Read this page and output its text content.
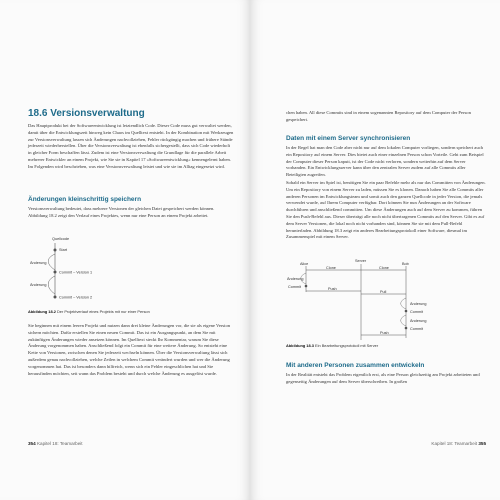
18.6 Versionsverwaltung
Das Hauptprodukt bei der Softwareentwicklung ist letztendlich Code. Dieser Code muss gut verwaltet werden, damit über die Entwicklungszeit hinweg kein Chaos im Quelltext entsteht. In der Kombination mit Werkzeugen zur Versionsverwaltung lassen sich Änderungen nachvollziehen, Fehler rückgängig machen und frühere Stände jederzeit wiederherstellen. Über die Versionsverwaltung ist ebenfalls sichergestellt, dass sich Code wiederholt in gleicher Form beschaffen lässt. Zudem ist eine Versionsverwaltung die Grundlage für die parallele Arbeit mehrerer Entwickler an einem Projekt, wie Sie sie in Kapitel 17 »Softwareentwicklung« kennengelernt haben. Im Folgenden wird beschrieben, was eine Versionsverwaltung leistet und wie sie im Alltag eingesetzt wird.
Änderungen kleinschrittig speichern
Versionsverwaltung bedeutet, dass mehrere Versionen der gleichen Datei gespeichert werden können. Abbildung 18.2 zeigt den Verlauf eines Projektes, wenn nur eine Person an einem Projekt arbeitet.
Quellcode
Start
Änderung
Commit – Version 1
Änderung
Commit – Version 2
Abbildung 18.2 Der Projektverlauf eines Projekts mit nur einer Person
Sie beginnen mit einem leeren Projekt und nutzen dann drei kleine Änderungen vor, die sie als eigene Version sichern möchten. Dafür erstellen Sie einen neuen Commit. Das ist ein Ausgangspunkt, an dem Sie mit zukünftigen Änderungen wieder ansetzen können. Im Quelltext steckt Ihr Kommentar, warum Sie diese Änderung vorgenommen haben. Anschließend folgt ein Commit für eine weitere Änderung. So entsteht eine Kette von Versionen, zwischen denen Sie jederzeit wechseln können. Über die Versionsverwaltung lässt sich außerdem genau nachvollziehen, welche Zeilen in welchem Commit verändert wurden und wer die Änderung vorgenommen hat. Das ist besonders dann hilfreich, wenn sich ein Fehler eingeschlichen hat und Sie herausfinden möchten, seit wann das Problem besteht und durch welche Änderung es ausgelöst wurde.
354 Kapitel 18: Teamarbeit
chen haben. All diese Commits sind in einem sogenannten Repository auf dem Computer der Person gespeichert.
Daten mit einem Server synchronisieren
In der Regel hat man den Code aber nicht nur auf dem lokalen Computer vorliegen, sondern speichert auch ein Repository auf einem Server. Dies bietet auch einer einzelnen Person schon Vorteile. Geht zum Beispiel der Computer dieser Person kaputt, ist der Code nicht verloren, sondern weiterhin auf dem Server vorhanden. Ein Entwicklungsserver kann über den zentralen Server zudem auf alle Commits aller Beteiligten zugreifen.
Sobald ein Server im Spiel ist, benötigen Sie ein paar Befehle mehr als nur das Committen von Änderungen. Um ein Repository von einem Server zu laden, müssen Sie es klonen. Danach haben Sie alle Commits aller anderen Personen im Entwicklungsteam und somit auch den ganzen Quellcode in jeder Version, die jemals verwendet wurde, auf Ihrem Computer verfügbar. Dort können Sie nun Änderungen an der Software durchführen und anschließend committen. Um diese Änderungen auch auf dem Server zu kommen, führen Sie den Push-Befehl aus. Dieser überträgt alle noch nicht übertragenen Commits auf den Server. Gibt es auf dem Server Versionen, die lokal noch nicht vorhanden sind, können Sie sie mit dem Pull-Befehl herunterladen. Abbildung 18.3 zeigt ein anderes Bearbeitungsprotokoll einer Software, diesmal im Zusammenspiel mit einem Server.
Server
Alice	Bob
Clone	Clone
Änderung
Commit	Push
Pull
Änderung
Commit
Änderung
Commit
Push
Abbildung 18.3 Ein Bearbeitungsprotokoll mit Server
Mit anderen Personen zusammen entwickeln
In der Realität entsteht das Problem eigentlich erst, als eine Person gleichzeitig am Projekt arbeiteten und gegenseitig Änderungen auf dem Server überschreiben. In großen
Kapitel 18: Teamarbeit 355
